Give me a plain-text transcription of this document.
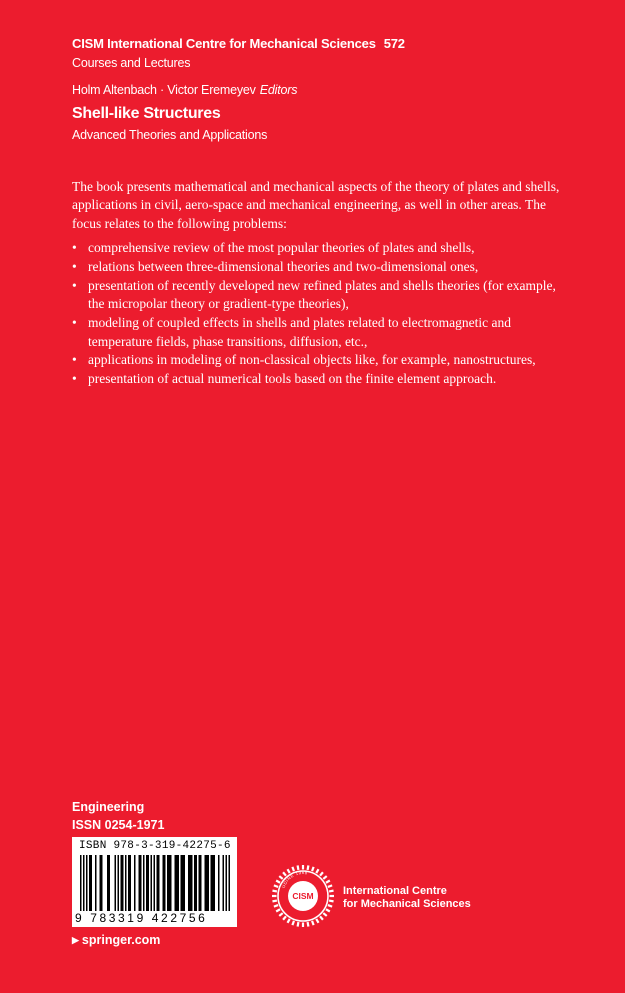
CISM International Centre for Mechanical Sciences 572
Courses and Lectures
Holm Altenbach · Victor Eremeyev Editors
Shell-like Structures
Advanced Theories and Applications

The book presents mathematical and mechanical aspects of the theory of plates and shells, applications in civil, aero-space and mechanical engineering, as well in other areas. The focus relates to the following problems:

• comprehensive review of the most popular theories of plates and shells,
• relations between three-dimensional theories and two-dimensional ones,
• presentation of recently developed new refined plates and shells theories (for example, the micropolar theory or gradient-type theories),
• modeling of coupled effects in shells and plates related to electromagnetic and temperature fields, phase transitions, diffusion, etc.,
• applications in modeling of non-classical objects like, for example, nanostructures,
• presentation of actual numerical tools based on the finite element approach.
Engineering
ISSN 0254-1971
ISBN 978-3-319-42275-6
9 783319 422756
▶ springer.com
UDINE 1968
CISM	International Centre
for Mechanical Sciences
